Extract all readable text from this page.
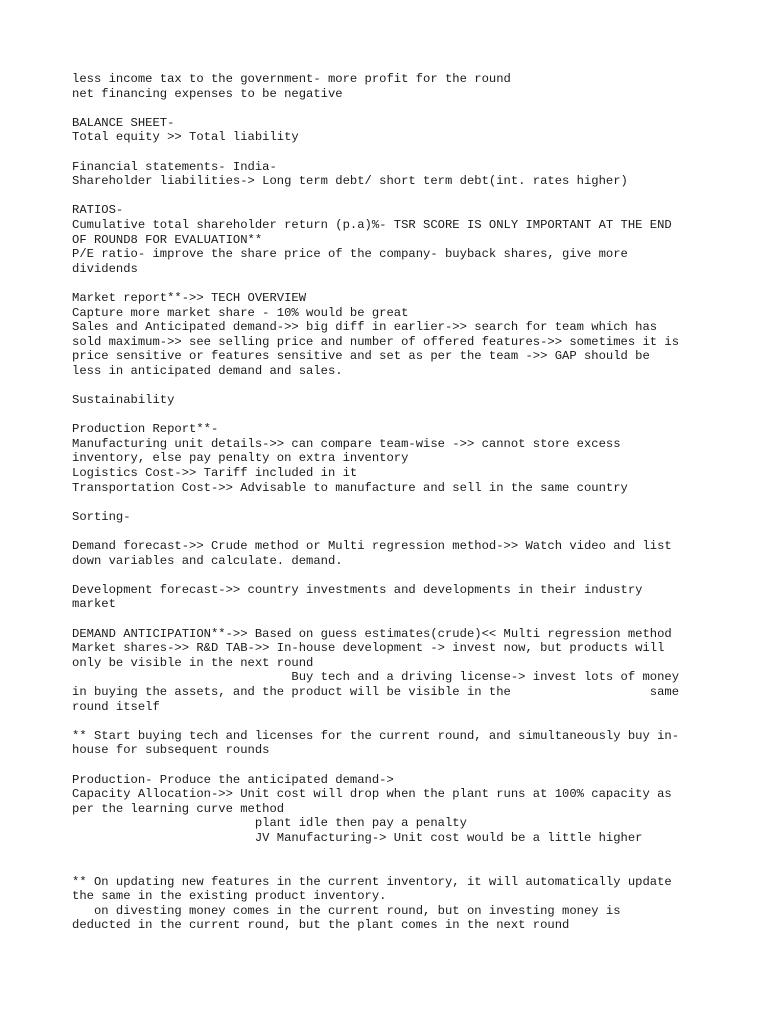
less income tax to the government- more profit for the round
net financing expenses to be negative
BALANCE SHEET-
Total equity >> Total liability
Financial statements- India-
Shareholder liabilities-> Long term debt/ short term debt(int. rates higher)
RATIOS-
Cumulative total shareholder return (p.a)%- TSR SCORE IS ONLY IMPORTANT AT THE END
OF ROUND8 FOR EVALUATION**
P/E ratio- improve the share price of the company- buyback shares, give more
dividends
Market report**->> TECH OVERVIEW
Capture more market share - 10% would be great
Sales and Anticipated demand->> big diff in earlier->> search for team which has
sold maximum->> see selling price and number of offered features->> sometimes it is
price sensitive or features sensitive and set as per the team ->> GAP should be
less in anticipated demand and sales.
Sustainability
Production Report**-
Manufacturing unit details->> can compare team-wise ->> cannot store excess
inventory, else pay penalty on extra inventory
Logistics Cost->> Tariff included in it
Transportation Cost->> Advisable to manufacture and sell in the same country
Sorting-
Demand forecast->> Crude method or Multi regression method->> Watch video and list
down variables and calculate. demand.
Development forecast->> country investments and developments in their industry
market
DEMAND ANTICIPATION**->> Based on guess estimates(crude)<< Multi regression method
Market shares->> R&D TAB->> In-house development -> invest now, but products will
only be visible in the next round
Buy tech and a driving license-> invest lots of money
in buying the assets, and the product will be visible in the                   same
round itself
** Start buying tech and licenses for the current round, and simultaneously buy in-
house for subsequent rounds
Production- Produce the anticipated demand->
Capacity Allocation->> Unit cost will drop when the plant runs at 100% capacity as
per the learning curve method
plant idle then pay a penalty
JV Manufacturing-> Unit cost would be a little higher
** On updating new features in the current inventory, it will automatically update
the same in the existing product inventory.
on divesting money comes in the current round, but on investing money is
deducted in the current round, but the plant comes in the next round
